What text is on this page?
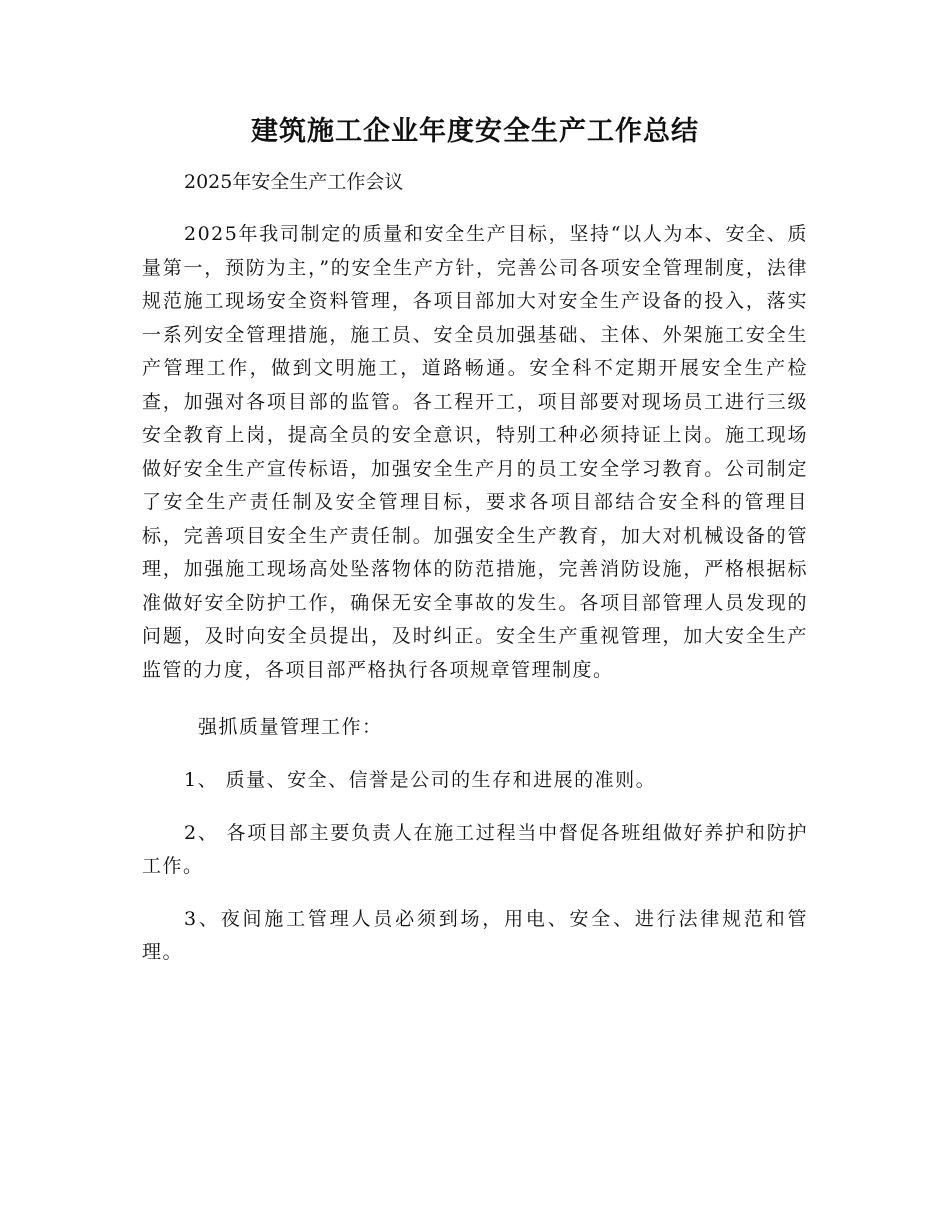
建筑施工企业年度安全生产工作总结

2025年安全生产工作会议

2025年我司制定的质量和安全生产目标，坚持“以人为本、安全、质量第一，预防为主，”的安全生产方针，完善公司各项安全管理制度，法律规范施工现场安全资料管理，各项目部加大对安全生产设备的投入，落实一系列安全管理措施，施工员、安全员加强基础、主体、外架施工安全生产管理工作，做到文明施工，道路畅通。安全科不定期开展安全生产检查，加强对各项目部的监管。各工程开工，项目部要对现场员工进行三级安全教育上岗，提高全员的安全意识，特别工种必须持证上岗。施工现场做好安全生产宣传标语，加强安全生产月的员工安全学习教育。公司制定了安全生产责任制及安全管理目标，要求各项目部结合安全科的管理目标，完善项目安全生产责任制。加强安全生产教育，加大对机械设备的管理，加强施工现场高处坠落物体的防范措施，完善消防设施，严格根据标准做好安全防护工作，确保无安全事故的发生。各项目部管理人员发现的问题，及时向安全员提出，及时纠正。安全生产重视管理，加大安全生产监管的力度，各项目部严格执行各项规章管理制度。

强抓质量管理工作：

1、 质量、安全、信誉是公司的生存和进展的准则。

2、 各项目部主要负责人在施工过程当中督促各班组做好养护和防护工作。

3、夜间施工管理人员必须到场，用电、安全、进行法律规范和管理。
